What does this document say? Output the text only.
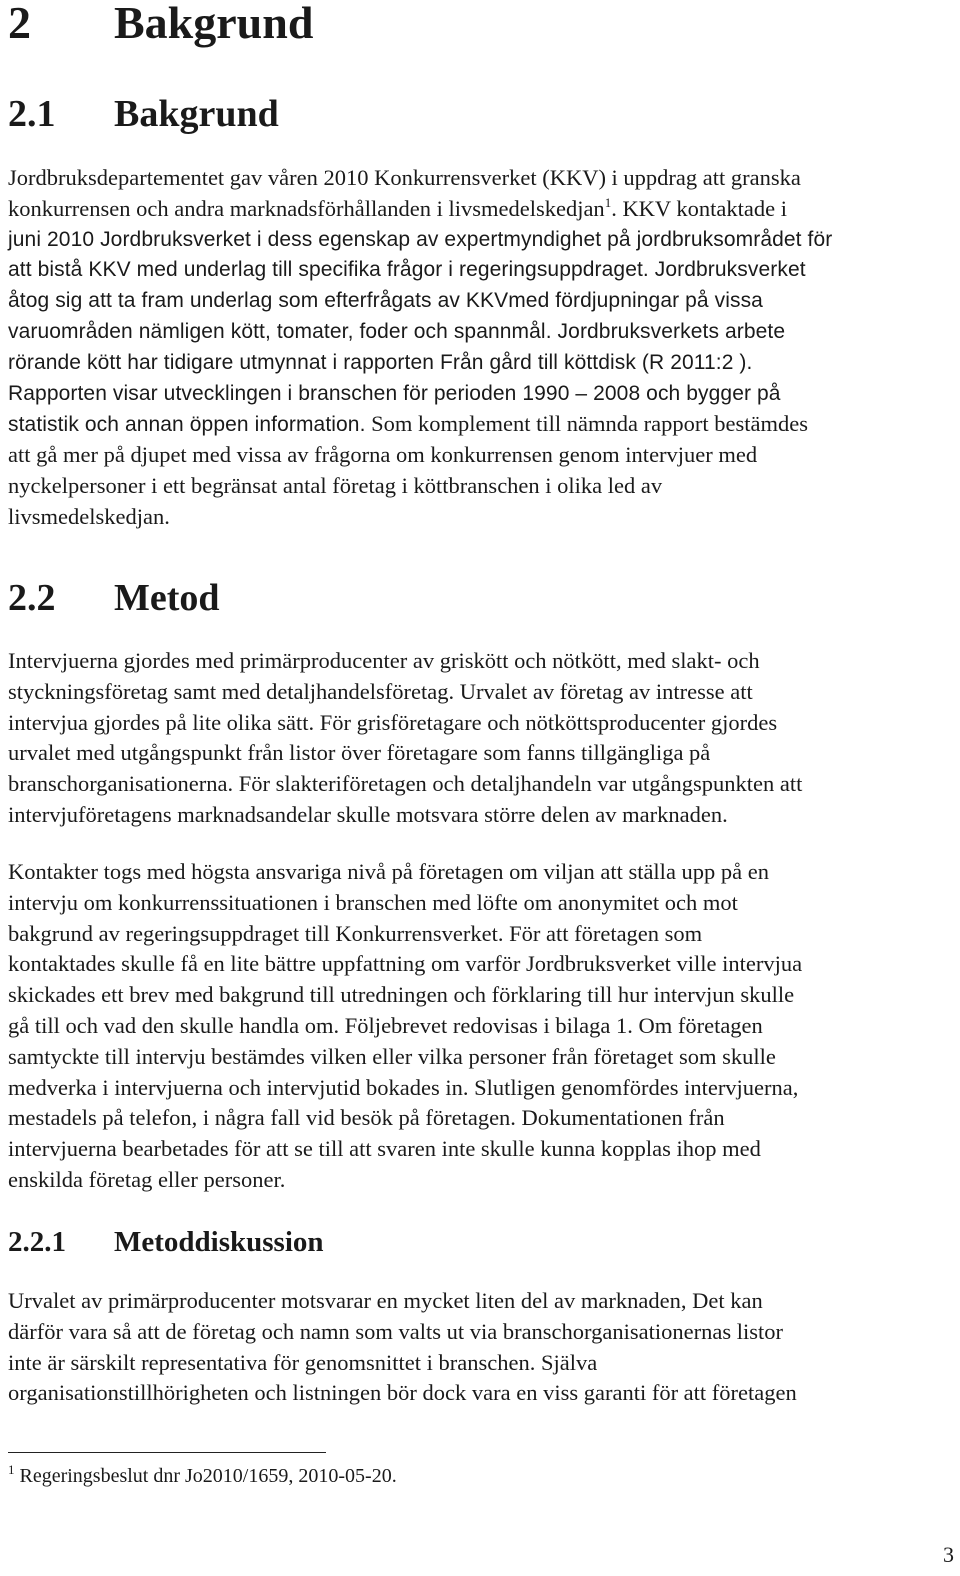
2 Bakgrund
2.1 Bakgrund
Jordbruksdepartementet gav våren 2010 Konkurrensverket (KKV) i uppdrag att granska
konkurrensen och andra marknadsförhållanden i livsmedelskedjan$^1$. KKV kontaktade i
juni 2010 Jordbruksverket i dess egenskap av expertmyndighet på jordbruksområdet för
att bistå KKV med underlag till specifika frågor i regeringsuppdraget. Jordbruksverket
åtog sig att ta fram underlag som efterfrågats av KKVmed fördjupningar på vissa
varuområden nämligen kött, tomater, foder och spannmål. Jordbruksverkets arbete
rörande kött har tidigare utmynnat i rapporten Från gård till köttdisk (R 2011:2 ).
Rapporten visar utvecklingen i branschen för perioden 1990 – 2008 och bygger på
statistik och annan öppen information. Som komplement till nämnda rapport bestämdes
att gå mer på djupet med vissa av frågorna om konkurrensen genom intervjuer med
nyckelpersoner i ett begränsat antal företag i köttbranschen i olika led av
livsmedelskedjan.
2.2 Metod
Intervjuerna gjordes med primärproducenter av griskött och nötkött, med slakt- och
styckningsföretag samt med detaljhandelsföretag. Urvalet av företag av intresse att
intervjua gjordes på lite olika sätt. För grisföretagare och nötköttsproducenter gjordes
urvalet med utgångspunkt från listor över företagare som fanns tillgängliga på
branschorganisationerna. För slakteriföretagen och detaljhandeln var utgångspunkten att
intervjuföretagens marknadsandelar skulle motsvara större delen av marknaden.
Kontakter togs med högsta ansvariga nivå på företagen om viljan att ställa upp på en
intervju om konkurrenssituationen i branschen med löfte om anonymitet och mot
bakgrund av regeringsuppdraget till Konkurrensverket. För att företagen som
kontaktades skulle få en lite bättre uppfattning om varför Jordbruksverket ville intervjua
skickades ett brev med bakgrund till utredningen och förklaring till hur intervjun skulle
gå till och vad den skulle handla om. Följebrevet redovisas i bilaga 1. Om företagen
samtyckte till intervju bestämdes vilken eller vilka personer från företaget som skulle
medverka i intervjuerna och intervjutid bokades in. Slutligen genomfördes intervjuerna,
mestadels på telefon, i några fall vid besök på företagen. Dokumentationen från
intervjuerna bearbetades för att se till att svaren inte skulle kunna kopplas ihop med
enskilda företag eller personer.
2.2.1 Metoddiskussion
Urvalet av primärproducenter motsvarar en mycket liten del av marknaden, Det kan
därför vara så att de företag och namn som valts ut via branschorganisationernas listor
inte är särskilt representativa för genomsnittet i branschen. Själva
organisationstillhörigheten och listningen bör dock vara en viss garanti för att företagen

$^1$ Regeringsbeslut dnr Jo2010/1659, 2010-05-20.

3
